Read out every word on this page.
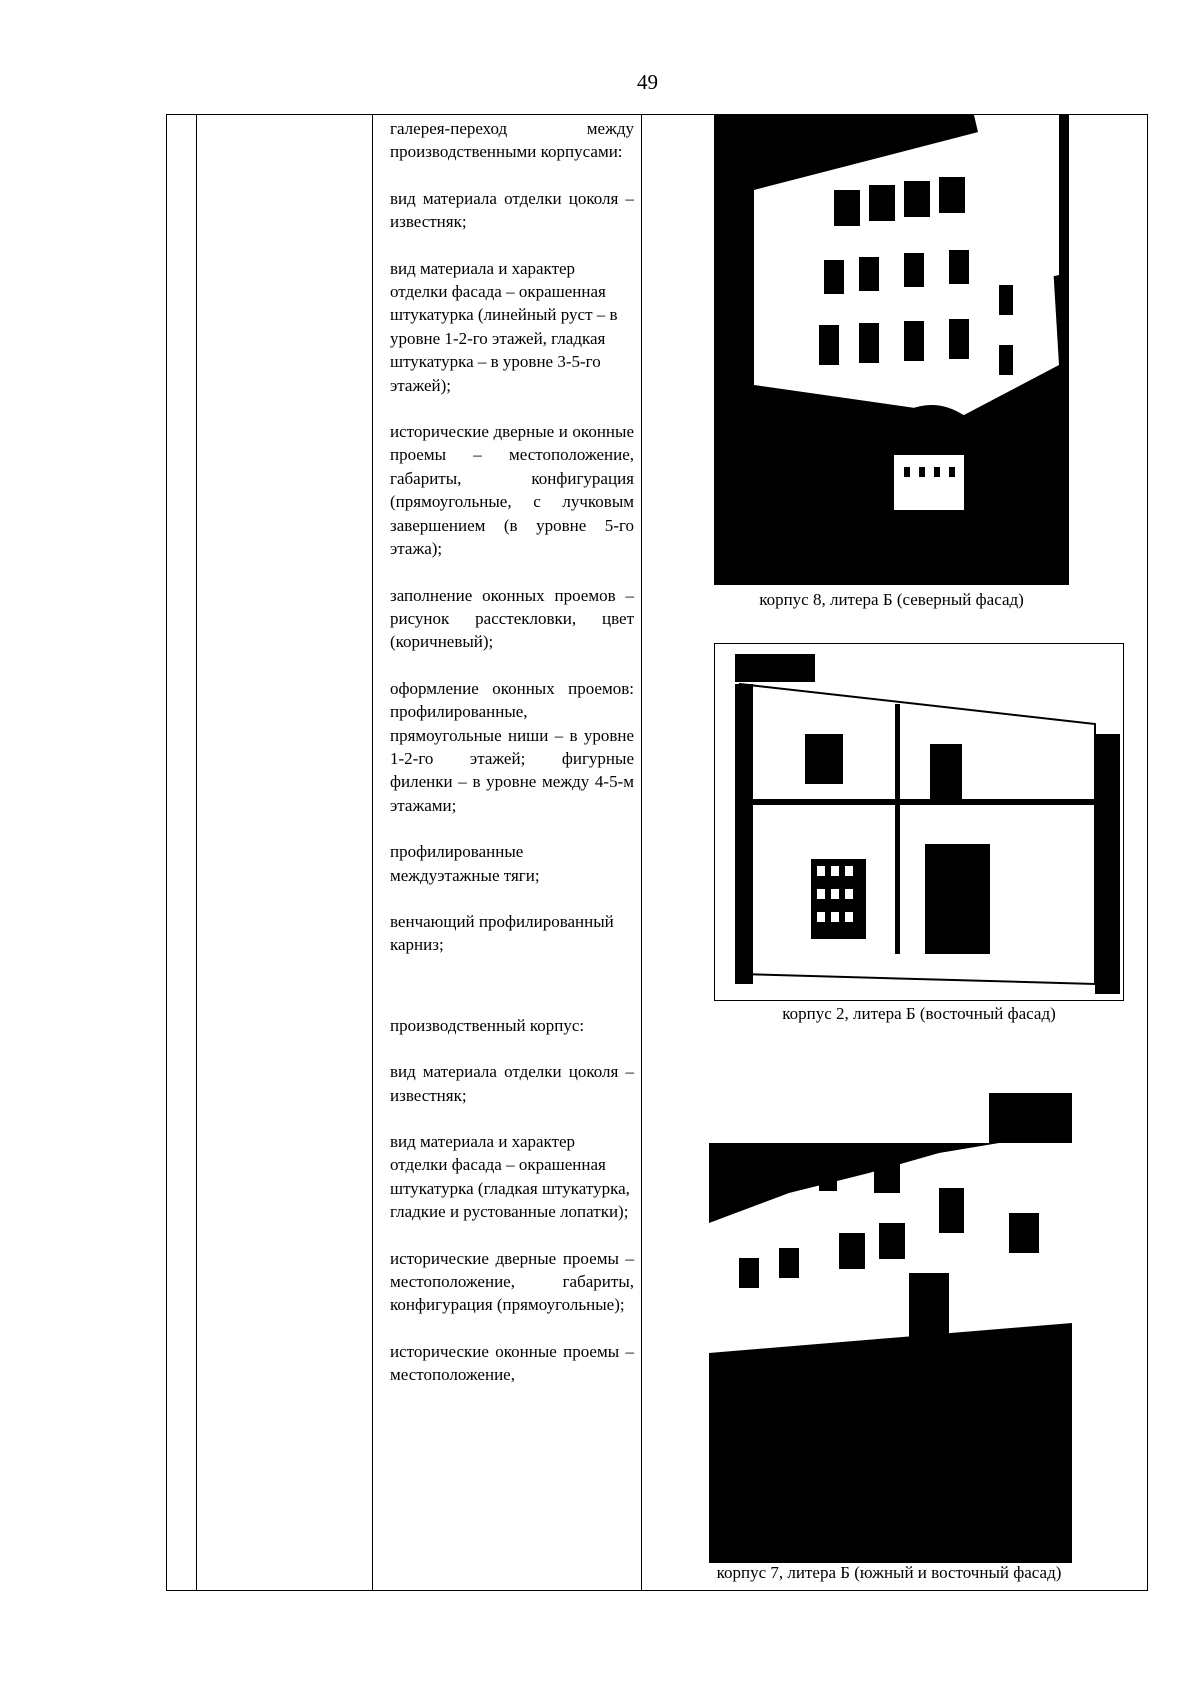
49

галерея-переход между производственными корпусами:

вид материала отделки цоколя – известняк;

вид материала и характер отделки фасада – окрашенная штукатурка (линейный руст – в уровне 1-2-го этажей, гладкая штукатурка – в уровне 3-5-го этажей);

исторические дверные и оконные проемы – местоположение, габариты, конфигурация (прямоугольные, с лучковым завершением (в уровне 5-го этажа);

заполнение оконных проемов – рисунок расстекловки, цвет (коричневый);

оформление оконных проемов: профилированные, прямоугольные ниши – в уровне 1-2-го этажей; фигурные филенки – в уровне между 4-5-м этажами;

профилированные междуэтажные тяги;

венчающий профилированный карниз;

производственный корпус:

вид материала отделки цоколя – известняк;

вид материала и характер отделки фасада – окрашенная штукатурка (гладкая штукатурка, гладкие и рустованные лопатки);

исторические дверные проемы – местоположение, габариты, конфигурация (прямоугольные);

исторические оконные проемы – местоположение,

корпус 8, литера Б (северный фасад)
корпус 2, литера Б (восточный фасад)
корпус 7, литера Б (южный и восточный фасад)
